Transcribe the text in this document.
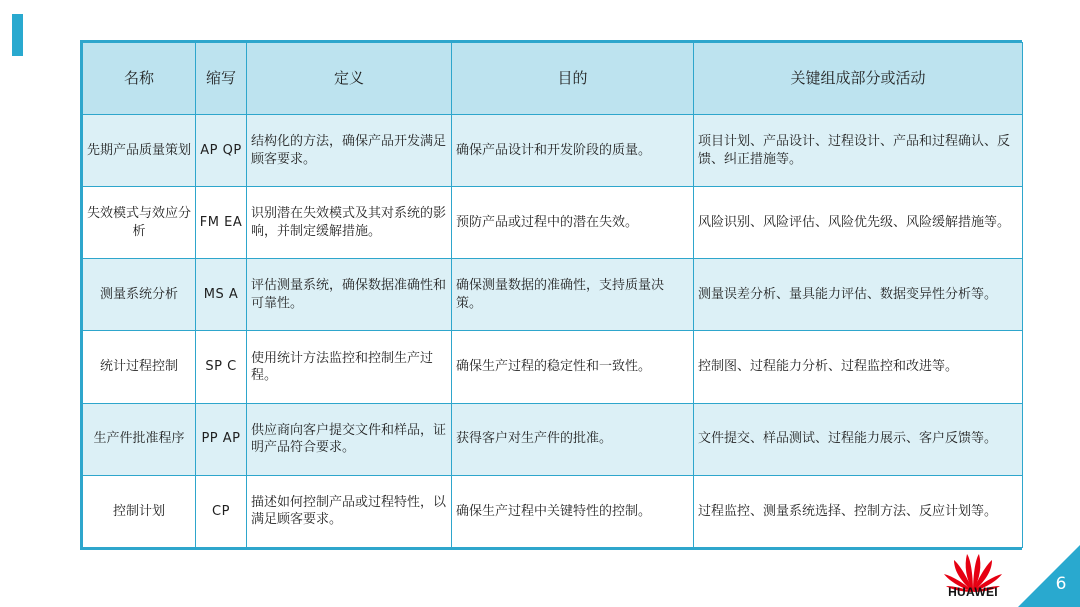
名称	缩写	定义	目的	关键组成部分或活动
先期产品质量策划	AP QP	结构化的方法，确保产品开发满足顾客要求。	确保产品设计和开发阶段的质量。	项目计划、产品设计、过程设计、产品和过程确认、反馈、纠正措施等。
失效模式与效应分析	FM EA	识别潜在失效模式及其对系统的影响，并制定缓解措施。	预防产品或过程中的潜在失效。	风险识别、风险评估、风险优先级、风险缓解措施等。
测量系统分析	MS A	评估测量系统，确保数据准确性和可靠性。	确保测量数据的准确性，支持质量决策。	测量误差分析、量具能力评估、数据变异性分析等。
统计过程控制	SP C	使用统计方法监控和控制生产过程。	确保生产过程的稳定性和一致性。	控制图、过程能力分析、过程监控和改进等。
生产件批准程序	PP AP	供应商向客户提交文件和样品，证明产品符合要求。	获得客户对生产件的批准。	文件提交、样品测试、过程能力展示、客户反馈等。
控制计划	CP	描述如何控制产品或过程特性，以满足顾客要求。	确保生产过程中关键特性的控制。	过程监控、测量系统选择、控制方法、反应计划等。
HUAWEI	6
